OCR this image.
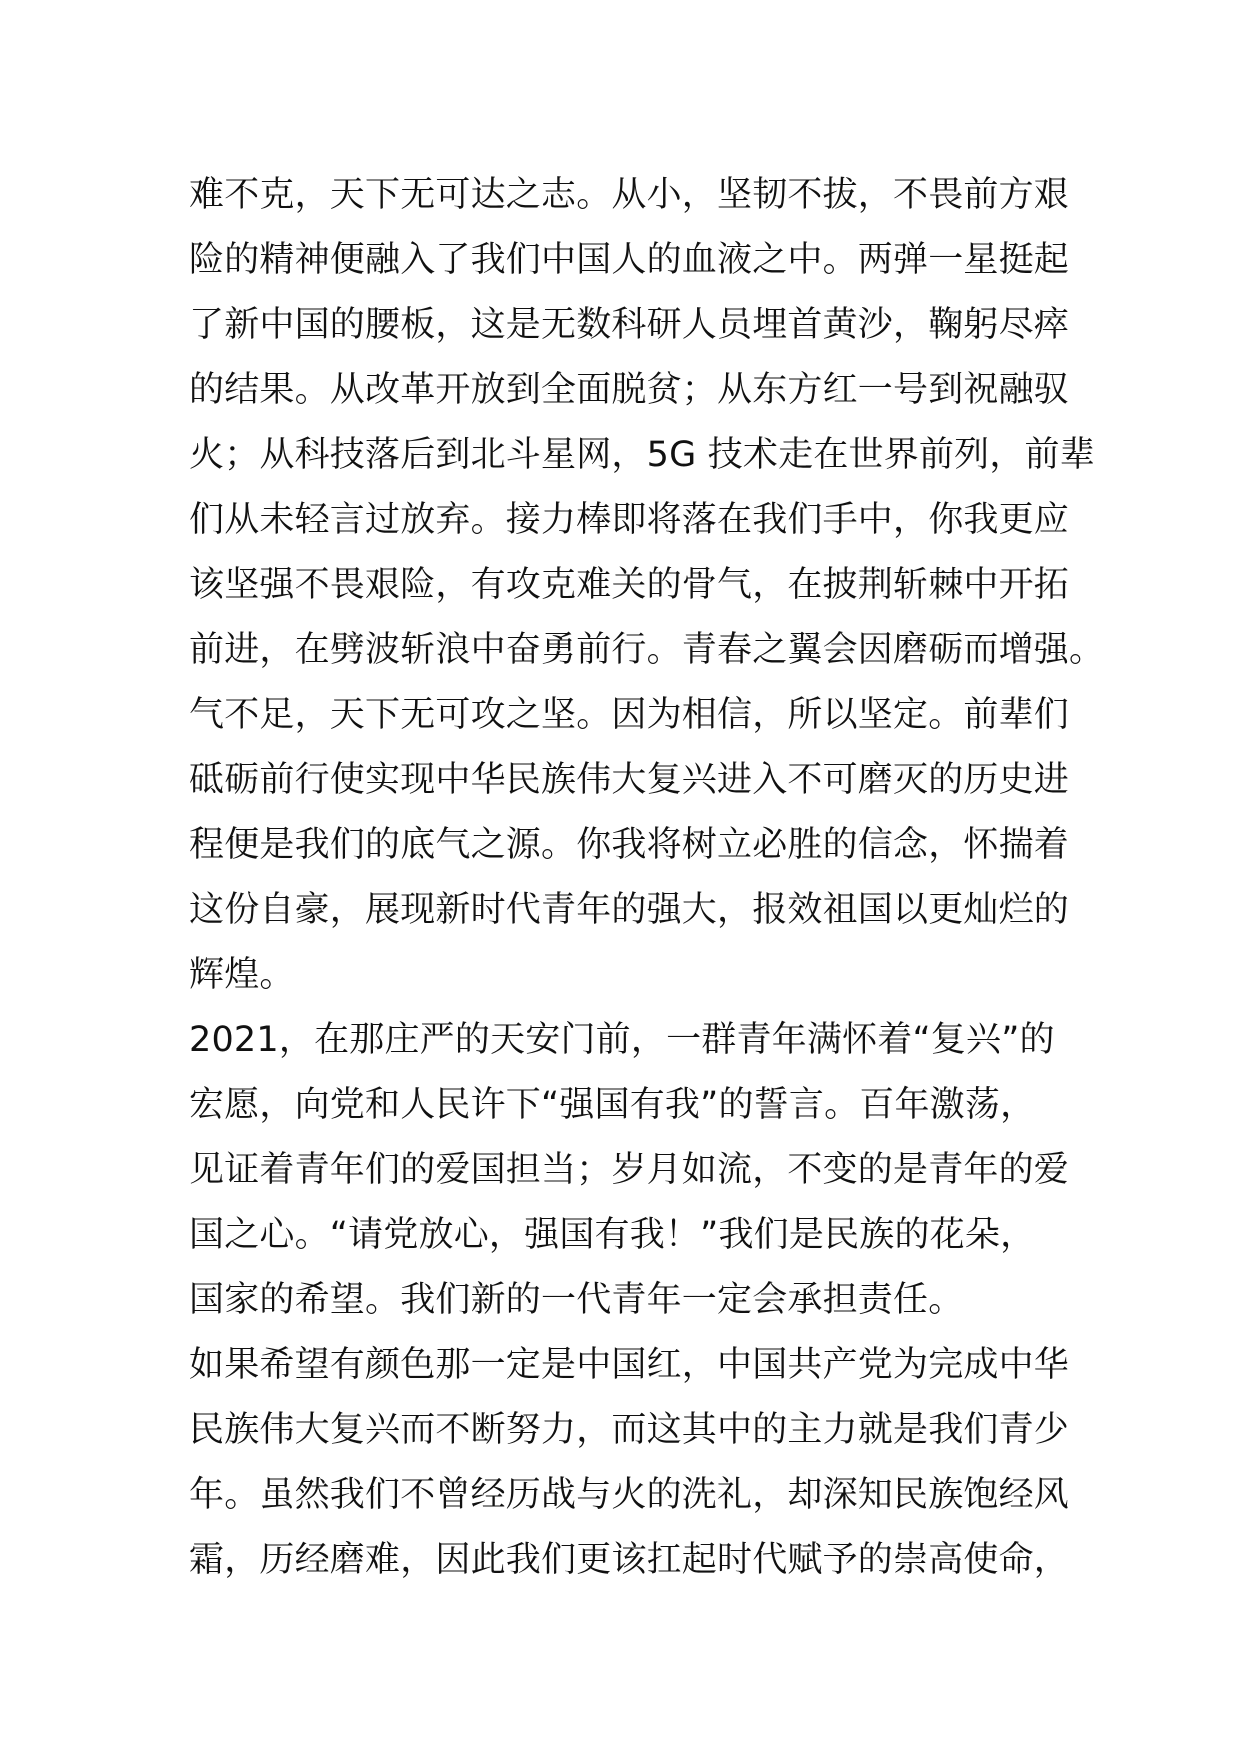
难不克，天下无可达之志。从小，坚韧不拔，不畏前方艰
险的精神便融入了我们中国人的血液之中。两弹一星挺起
了新中国的腰板，这是无数科研人员埋首黄沙，鞠躬尽瘁
的结果。从改革开放到全面脱贫；从东方红一号到祝融驭
火；从科技落后到北斗星网，5G 技术走在世界前列，前辈
们从未轻言过放弃。接力棒即将落在我们手中，你我更应
该坚强不畏艰险，有攻克难关的骨气，在披荆斩棘中开拓
前进，在劈波斩浪中奋勇前行。青春之翼会因磨砺而增强。
气不足，天下无可攻之坚。因为相信，所以坚定。前辈们
砥砺前行使实现中华民族伟大复兴进入不可磨灭的历史进
程便是我们的底气之源。你我将树立必胜的信念，怀揣着
这份自豪，展现新时代青年的强大，报效祖国以更灿烂的
辉煌。
2021，在那庄严的天安门前，一群青年满怀着“复兴”的
宏愿，向党和人民许下“强国有我”的誓言。百年激荡，
见证着青年们的爱国担当；岁月如流，不变的是青年的爱
国之心。“请党放心，强国有我！”我们是民族的花朵，
国家的希望。我们新的一代青年一定会承担责任。
如果希望有颜色那一定是中国红，中国共产党为完成中华
民族伟大复兴而不断努力，而这其中的主力就是我们青少
年。虽然我们不曾经历战与火的洗礼，却深知民族饱经风
霜，历经磨难，因此我们更该扛起时代赋予的崇高使命，
